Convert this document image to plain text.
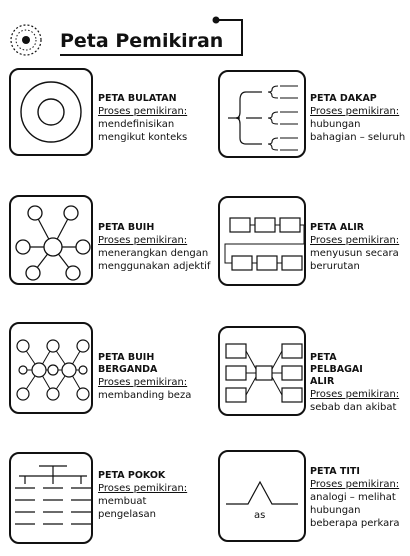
Peta Pemikiran
PETA BULATAN
Proses pemikiran:
mendefinisikan mengikut konteks
PETA DAKAP
Proses pemikiran:
hubungan bahagian – seluruh
PETA BUIH
Proses pemikiran:
menerangkan dengan menggunakan adjektif
PETA ALIR
Proses pemikiran:
menyusun secara berurutan
PETA BUIH BERGANDA
Proses pemikiran:
membanding beza
PETA PELBAGAI ALIR
Proses pemikiran:
sebab dan akibat
PETA POKOK
Proses pemikiran:
membuat pengelasan	as
PETA TITI
Proses pemikiran:
analogi – melihat hubungan beberapa perkara
